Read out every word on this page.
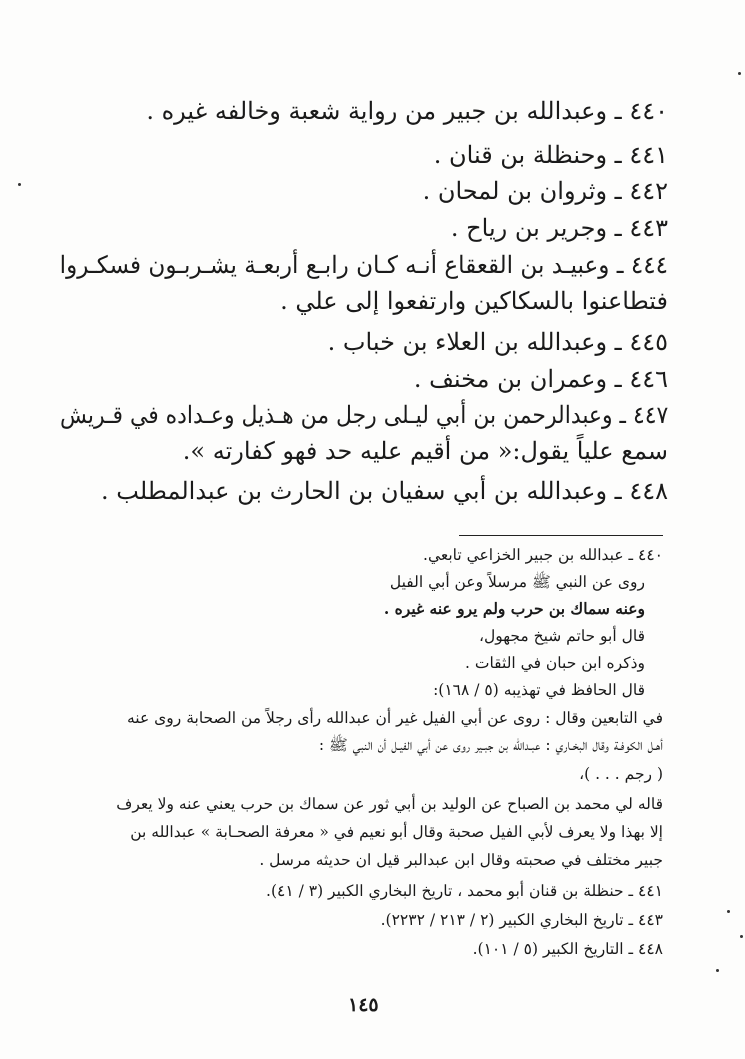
٤٤٠ ـ وعبدالله بن جبير من رواية شعبة وخالفه غيره .
٤٤١ ـ وحنظلة بن قنان .
٤٤٢ ـ وثروان بن لمحان .
٤٤٣ ـ وجرير بن رياح .
٤٤٤ ـ وعبيـد بن القعقاع أنـه كـان رابـع أربعـة يشـربـون فسكـروا
فتطاعنوا بالسكاكين وارتفعوا إلى علي .
٤٤٥ ـ وعبدالله بن العلاء بن خباب .
٤٤٦ ـ وعمران بن مخنف .
٤٤٧ ـ وعبدالرحمن بن أبي ليـلى رجل من هـذيل وعـداده في قـريش
سمع علياً يقول:« من أقيم عليه حد فهو كفارته ».
٤٤٨ ـ وعبدالله بن أبي سفيان بن الحارث بن عبدالمطلب .
٤٤٠ ـ عبدالله بن جبير الخزاعي تابعي.
روى عن النبي ﷺ مرسلاً وعن أبي الفيل
وعنه سماك بن حرب ولم يرو عنه غيره .
قال أبو حاتم شيخ مجهول،
وذكره ابن حبان في الثقات .
قال الحافظ في تهذيبه (٥ / ١٦٨):
في التابعين وقال : روى عن أبي الفيل غير أن عبدالله رأى رجلاً من الصحابة روى عنه
أهـل الكوفـة وقال البخـاري : عبـدالله بن جبـير روى عن أبي الفيـل أن النبي ﷺ :
( رجم . . . )،
قاله لي محمد بن الصباح عن الوليد بن أبي ثور عن سماك بن حرب يعني عنه ولا يعرف
إلا بهذا ولا يعرف لأبي الفيل صحبة وقال أبو نعيم في « معرفة الصحـابة » عبدالله بن
جبير مختلف في صحبته وقال ابن عبدالبر قيل ان حديثه مرسل .
٤٤١ ـ حنظلة بن قنان أبو محمد ، تاريخ البخاري الكبير (٣ / ٤١).
٤٤٣ ـ تاريخ البخاري الكبير (٢ / ٢١٣ / ٢٢٣٢).
٤٤٨ ـ التاريخ الكبير (٥ / ١٠١).
١٤٥
